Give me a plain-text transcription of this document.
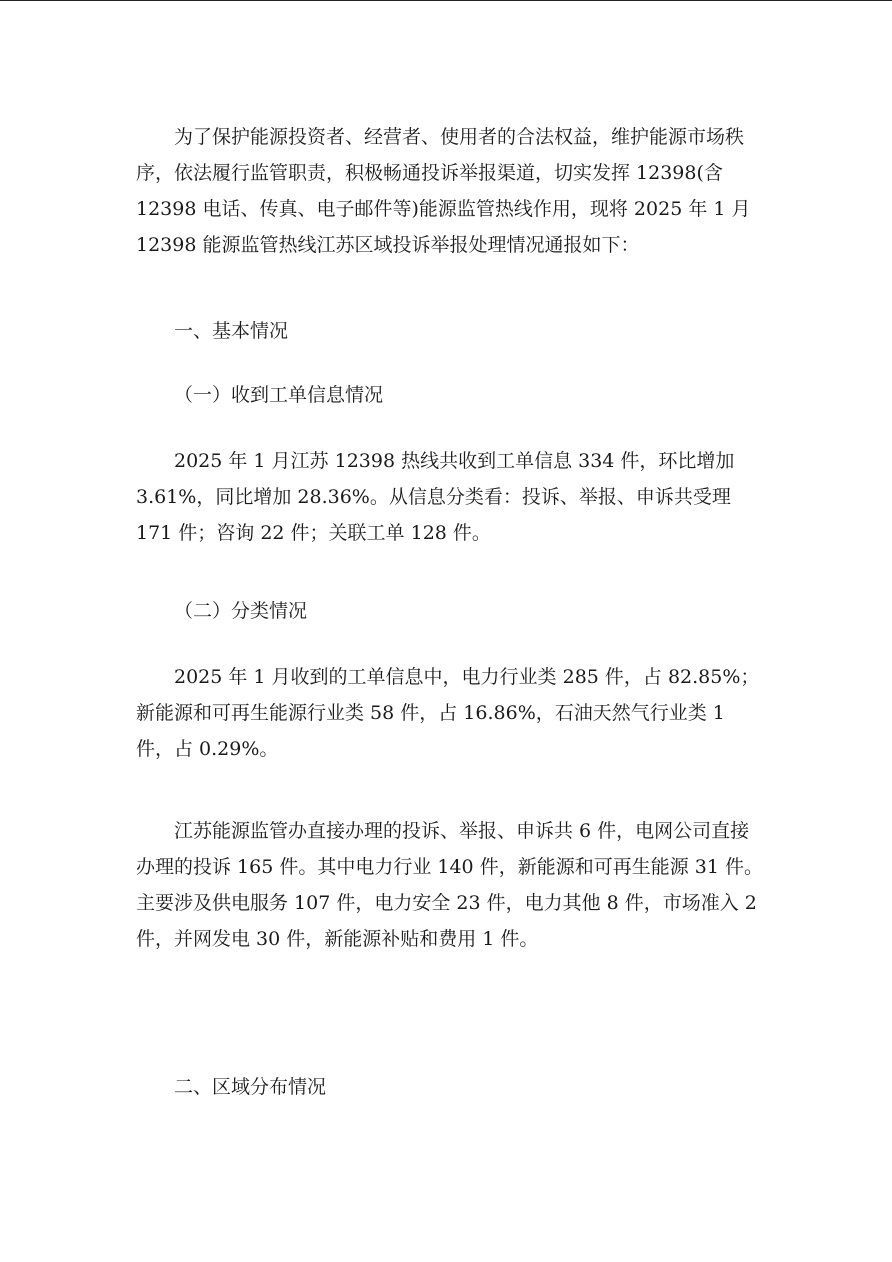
为了保护能源投资者、经营者、使用者的合法权益，维护能源市场秩序，依法履行监管职责，积极畅通投诉举报渠道，切实发挥 12398(含 12398 电话、传真、电子邮件等)能源监管热线作用，现将 2025 年 1 月 12398 能源监管热线江苏区域投诉举报处理情况通报如下：

一、基本情况

（一）收到工单信息情况

2025 年 1 月江苏 12398 热线共收到工单信息 334 件，环比增加 3.61%，同比增加 28.36%。从信息分类看：投诉、举报、申诉共受理 171 件；咨询 22 件；关联工单 128 件。

（二）分类情况

2025 年 1 月收到的工单信息中，电力行业类 285 件，占 82.85%；新能源和可再生能源行业类 58 件，占 16.86%，石油天然气行业类 1 件，占 0.29%。

江苏能源监管办直接办理的投诉、举报、申诉共 6 件，电网公司直接办理的投诉 165 件。其中电力行业 140 件，新能源和可再生能源 31 件。主要涉及供电服务 107 件，电力安全 23 件，电力其他 8 件，市场准入 2 件，并网发电 30 件，新能源补贴和费用 1 件。

二、区域分布情况
